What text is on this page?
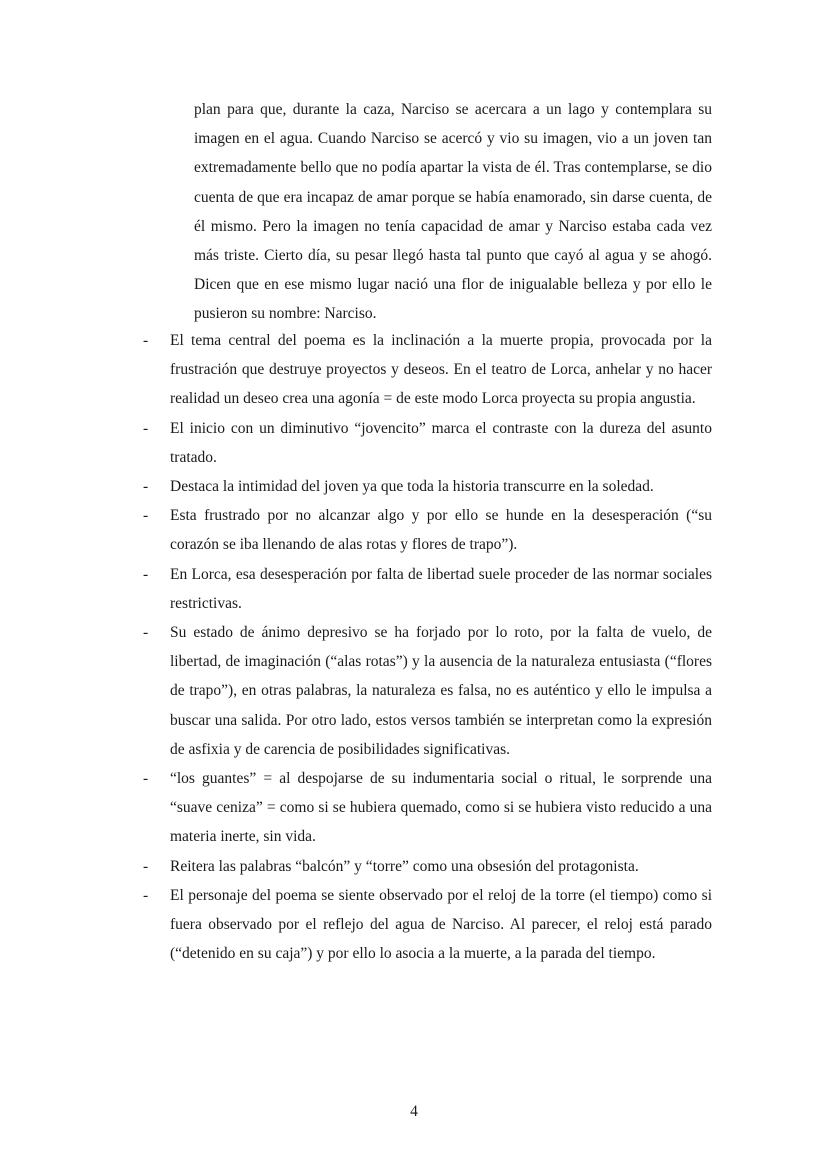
plan para que, durante la caza, Narciso se acercara a un lago y contemplara su imagen en el agua. Cuando Narciso se acercó y vio su imagen, vio a un joven tan extremadamente bello que no podía apartar la vista de él. Tras contemplarse, se dio cuenta de que era incapaz de amar porque se había enamorado, sin darse cuenta, de él mismo. Pero la imagen no tenía capacidad de amar y Narciso estaba cada vez más triste. Cierto día, su pesar llegó hasta tal punto que cayó al agua y se ahogó. Dicen que en ese mismo lugar nació una flor de inigualable belleza y por ello le pusieron su nombre: Narciso.

- El tema central del poema es la inclinación a la muerte propia, provocada por la frustración que destruye proyectos y deseos. En el teatro de Lorca, anhelar y no hacer realidad un deseo crea una agonía = de este modo Lorca proyecta su propia angustia.
- El inicio con un diminutivo “jovencito” marca el contraste con la dureza del asunto tratado.
- Destaca la intimidad del joven ya que toda la historia transcurre en la soledad.
- Esta frustrado por no alcanzar algo y por ello se hunde en la desesperación (“su corazón se iba llenando de alas rotas y flores de trapo”).
- En Lorca, esa desesperación por falta de libertad suele proceder de las normar sociales restrictivas.
- Su estado de ánimo depresivo se ha forjado por lo roto, por la falta de vuelo, de libertad, de imaginación (“alas rotas”) y la ausencia de la naturaleza entusiasta (“flores de trapo”), en otras palabras, la naturaleza es falsa, no es auténtico y ello le impulsa a buscar una salida. Por otro lado, estos versos también se interpretan como la expresión de asfixia y de carencia de posibilidades significativas.
- “los guantes” = al despojarse de su indumentaria social o ritual, le sorprende una “suave ceniza” = como si se hubiera quemado, como si se hubiera visto reducido a una materia inerte, sin vida.
- Reitera las palabras “balcón” y “torre” como una obsesión del protagonista.
- El personaje del poema se siente observado por el reloj de la torre (el tiempo) como si fuera observado por el reflejo del agua de Narciso. Al parecer, el reloj está parado (“detenido en su caja”) y por ello lo asocia a la muerte, a la parada del tiempo.
4
